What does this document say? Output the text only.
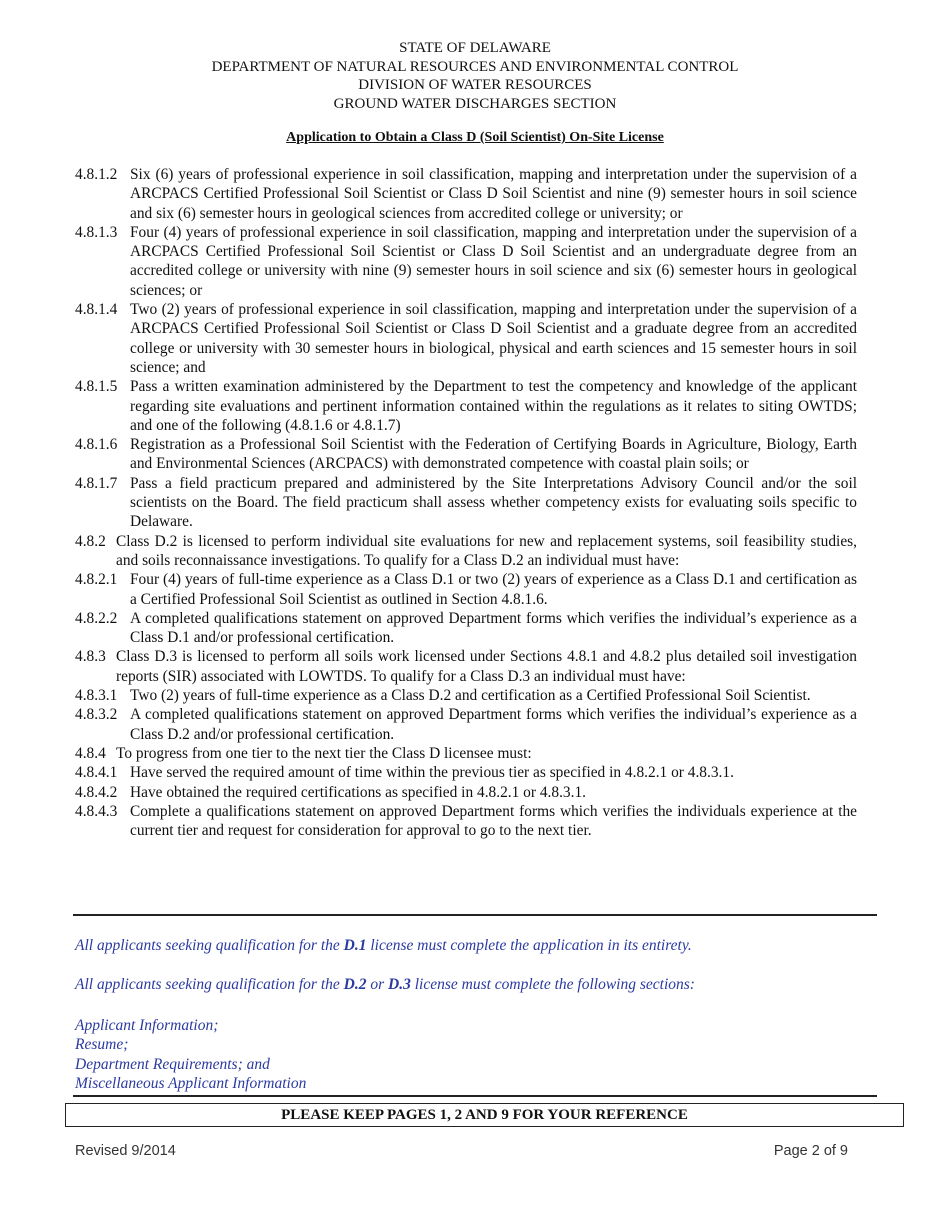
STATE OF DELAWARE
DEPARTMENT OF NATURAL RESOURCES AND ENVIRONMENTAL CONTROL
DIVISION OF WATER RESOURCES
GROUND WATER DISCHARGES SECTION
Application to Obtain a Class D (Soil Scientist) On-Site License
4.8.1.2 Six (6) years of professional experience in soil classification, mapping and interpretation under the supervision of a ARCPACS Certified Professional Soil Scientist or Class D Soil Scientist and nine (9) semester hours in soil science and six (6) semester hours in geological sciences from accredited college or university; or
4.8.1.3 Four (4) years of professional experience in soil classification, mapping and interpretation under the supervision of a ARCPACS Certified Professional Soil Scientist or Class D Soil Scientist and an undergraduate degree from an accredited college or university with nine (9) semester hours in soil science and six (6) semester hours in geological sciences; or
4.8.1.4 Two (2) years of professional experience in soil classification, mapping and interpretation under the supervision of a ARCPACS Certified Professional Soil Scientist or Class D Soil Scientist and a graduate degree from an accredited college or university with 30 semester hours in biological, physical and earth sciences and 15 semester hours in soil science; and
4.8.1.5 Pass a written examination administered by the Department to test the competency and knowledge of the applicant regarding site evaluations and pertinent information contained within the regulations as it relates to siting OWTDS; and one of the following (4.8.1.6 or 4.8.1.7)
4.8.1.6 Registration as a Professional Soil Scientist with the Federation of Certifying Boards in Agriculture, Biology, Earth and Environmental Sciences (ARCPACS) with demonstrated competence with coastal plain soils; or
4.8.1.7 Pass a field practicum prepared and administered by the Site Interpretations Advisory Council and/or the soil scientists on the Board. The field practicum shall assess whether competency exists for evaluating soils specific to Delaware.
4.8.2 Class D.2 is licensed to perform individual site evaluations for new and replacement systems, soil feasibility studies, and soils reconnaissance investigations. To qualify for a Class D.2 an individual must have:
4.8.2.1 Four (4) years of full-time experience as a Class D.1 or two (2) years of experience as a Class D.1 and certification as a Certified Professional Soil Scientist as outlined in Section 4.8.1.6.
4.8.2.2 A completed qualifications statement on approved Department forms which verifies the individual’s experience as a Class D.1 and/or professional certification.
4.8.3 Class D.3 is licensed to perform all soils work licensed under Sections 4.8.1 and 4.8.2 plus detailed soil investigation reports (SIR) associated with LOWTDS. To qualify for a Class D.3 an individual must have:
4.8.3.1 Two (2) years of full-time experience as a Class D.2 and certification as a Certified Professional Soil Scientist.
4.8.3.2 A completed qualifications statement on approved Department forms which verifies the individual’s experience as a Class D.2 and/or professional certification.
4.8.4 To progress from one tier to the next tier the Class D licensee must:
4.8.4.1 Have served the required amount of time within the previous tier as specified in 4.8.2.1 or 4.8.3.1.
4.8.4.2 Have obtained the required certifications as specified in 4.8.2.1 or 4.8.3.1.
4.8.4.3 Complete a qualifications statement on approved Department forms which verifies the individuals experience at the current tier and request for consideration for approval to go to the next tier.
All applicants seeking qualification for the D.1 license must complete the application in its entirety.
All applicants seeking qualification for the D.2 or D.3 license must complete the following sections:
Applicant Information;
Resume;
Department Requirements; and
Miscellaneous Applicant Information
PLEASE KEEP PAGES 1, 2 AND 9 FOR YOUR REFERENCE
Revised 9/2014	Page 2 of 9
